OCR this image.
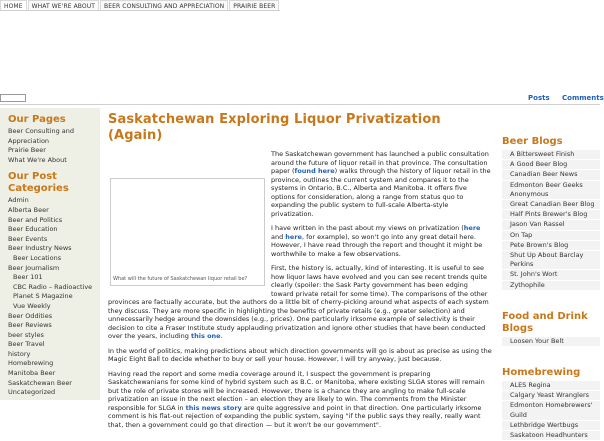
HOME	WHAT WE'RE ABOUT	BEER CONSULTING AND APPRECIATION	PRAIRIE BEER
Posts Comments
Our Pages
Beer Consulting and Appreciation
Prairie Beer
What We're About
Our Post Categories
Admin
Alberta Beer
Beer and Politics
Beer Education
Beer Events
Beer Industry News
Beer Locations
Beer Journalism
Beer 101
CBC Radio – Radioactive
Planet S Magazine
Vue Weekly
Beer Oddities
Beer Reviews
beer styles
Beer Travel
history
Homebrewing
Manitoba Beer
Saskatchewan Beer
Uncategorized
Saskatchewan Exploring Liquor Privatization (Again)
What will the future of Saskatchewan liquor retail be?

The Saskatchewan government has launched a public consultation around the future of liquor retail in that province. The consultation paper (found here) walks through the history of liquor retail in the province, outlines the current system and compares it to the systems in Ontario, B.C., Alberta and Manitoba. It offers five options for consideration, along a range from status quo to expanding the public system to full-scale Alberta-style privatization.

I have written in the past about my views on privatization (here and here, for example), so won't go into any great detail here. However, I have read through the report and thought it might be worthwhile to make a few observations.

First, the history is, actually, kind of interesting. It is useful to see how liquor laws have evolved and you can see recent trends quite clearly (spoiler: the Sask Party government has been edging toward private retail for some time). The comparisons of the other provinces are factually accurate, but the authors do a little bit of cherry-picking around what aspects of each system they discuss. They are more specific in highlighting the benefits of private retails (e.g., greater selection) and unnecessarily hedge around the downsides (e.g., prices). One particularly irksome example of selectivity is their decision to cite a Fraser Institute study applauding privatization and ignore other studies that have been conducted over the years, including this one.

In the world of politics, making predictions about which direction governments will go is about as precise as using the Magic Eight Ball to decide whether to buy or sell your house. However, I will try anyway, just because.

Having read the report and some media coverage around it, I suspect the government is preparing Saskatchewanians for some kind of hybrid system such as B.C. or Manitoba, where existing SLGA stores will remain but the role of private stores will be increased. However, there is a chance they are angling to make full-scale privatization an issue in the next election – an election they are likely to win. The comments from the Minister responsible for SLGA in this news story are quite aggressive and point in that direction. One particularly irksome comment is his flat-out rejection of expanding the public system, saying "if the public says they really, really want that, then a government could go that direction — but it won't be our government".

Beer Blogs
A Bittersweet Finish
A Good Beer Blog
Canadian Beer News
Edmonton Beer Geeks Anonymous
Great Canadian Beer Blog
Half Pints Brewer's Blog
Jason Van Rassel
On Tap
Pete Brown's Blog
Shut Up About Barclay Perkins
St. John's Wort
Zythophile
Food and Drink Blogs
Loosen Your Belt
Homebrewing
ALES Regina
Calgary Yeast Wranglers
Edmonton Homebrewers' Guild
Lethbridge Wertbugs
Saskatoon Headhunters
